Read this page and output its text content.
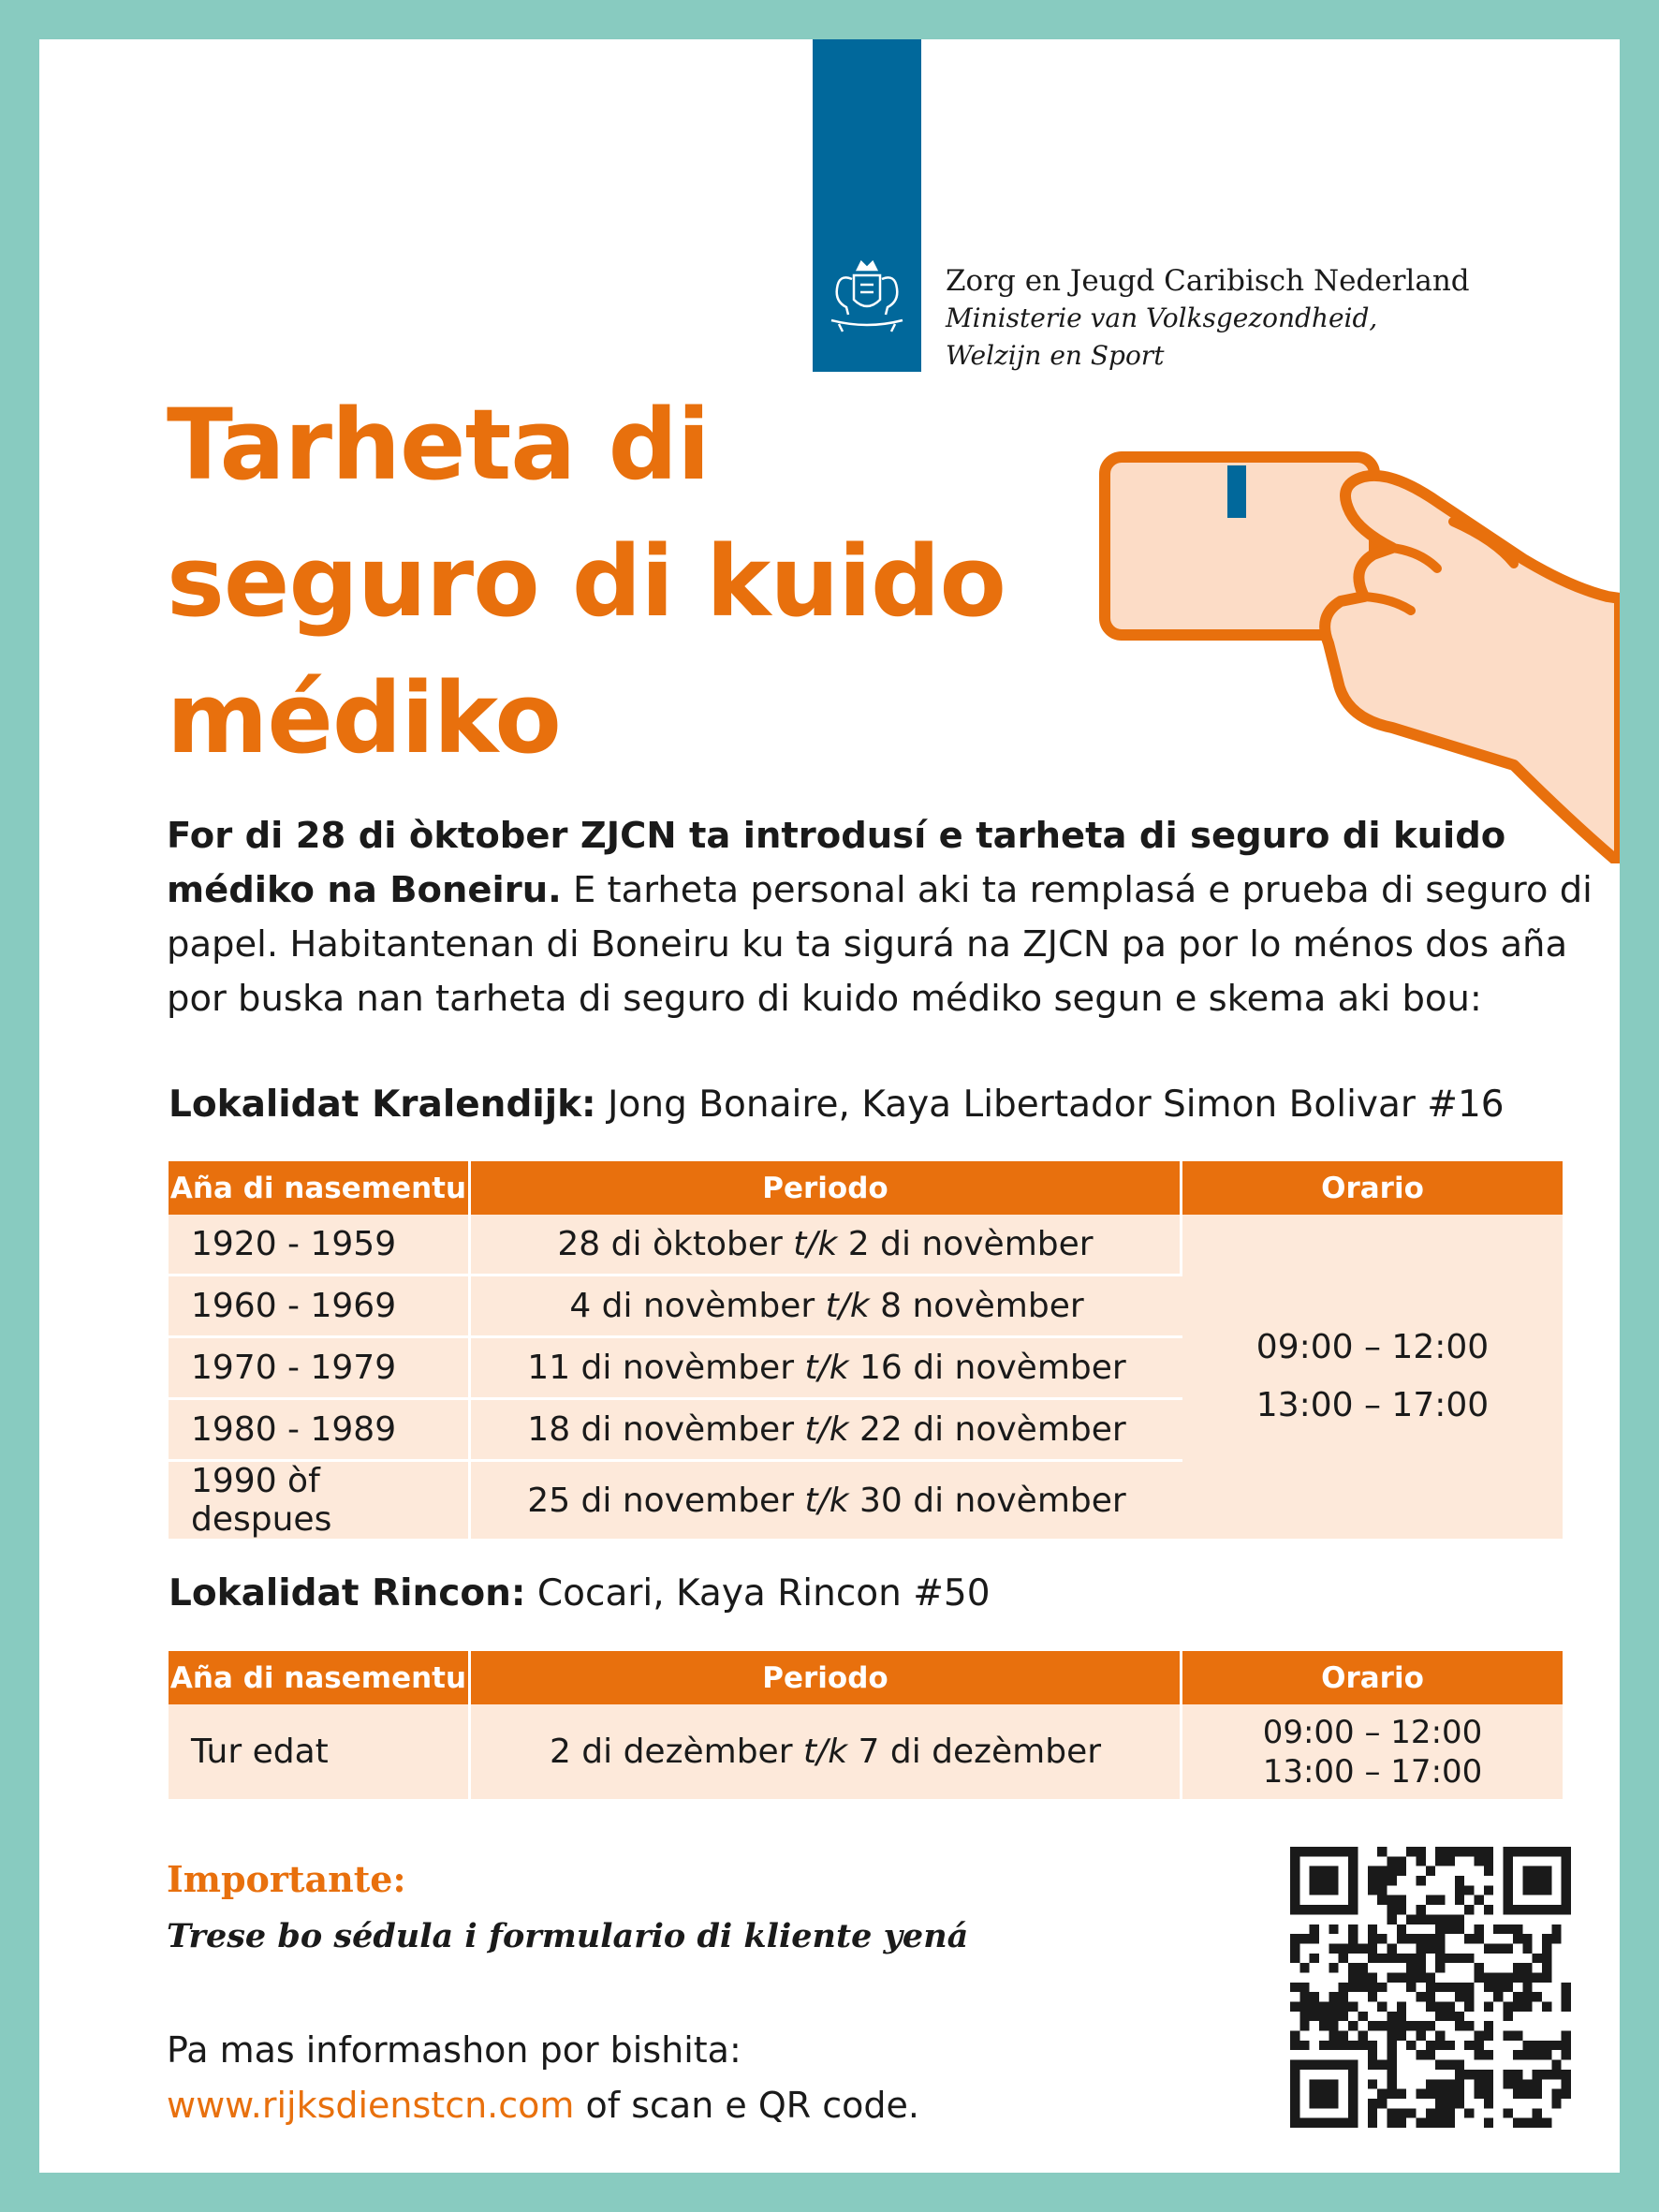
Zorg en Jeugd Caribisch Nederland
Ministerie van Volksgezondheid,
Welzijn en Sport
Tarheta di
seguro di kuido
médiko

For di 28 di òktober ZJCN ta introdusí e tarheta di seguro di kuido médiko na Boneiru. E tarheta personal aki ta remplasá e prueba di seguro di papel. Habitantenan di Boneiru ku ta sigurá na ZJCN pa por lo ménos dos aña por buska nan tarheta di seguro di kuido médiko segun e skema aki bou:

Lokalidat Kralendijk: Jong Bonaire, Kaya Libertador Simon Bolivar #16

Aña di nasementu	Periodo	Orario
1920 - 1959	28 di òktober t/k 2 di novèmber	09:00 – 12:00
13:00 – 17:00

1960 - 1969	4 di novèmber t/k 8 novèmber	
1970 - 1979	11 di novèmber t/k 16 di novèmber	
1980 - 1989	18 di novèmber t/k 22 di novèmber	
1990 òf despues	25 di november t/k 30 di novèmber	

Lokalidat Rincon: Cocari, Kaya Rincon #50

Aña di nasementu	Periodo	Orario
Tur edat	2 di dezèmber t/k 7 di dezèmber	09:00 – 12:00
13:00 – 17:00

Importante:

Trese bo sédula i formulario di kliente yená

Pa mas informashon por bishita:
www.rijksdienstcn.com of scan e QR code.
